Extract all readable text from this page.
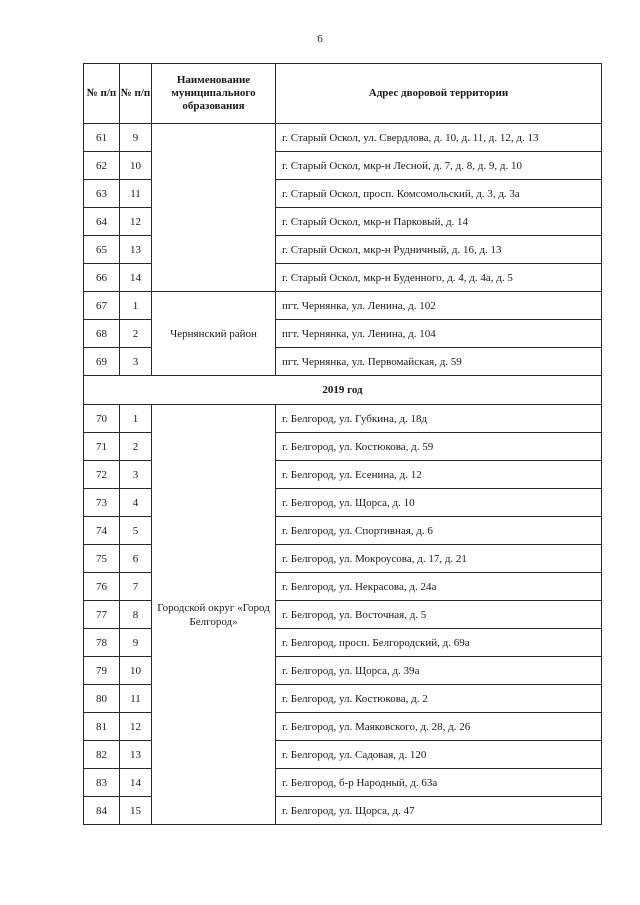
6
№ п/п	№ п/п	Наименование муниципального образования	Адрес дворовой территории
61	9		г. Старый Оскол, ул. Свердлова, д. 10, д. 11, д. 12, д. 13
62	10		г. Старый Оскол, мкр-н Лесной, д. 7, д. 8, д. 9, д. 10
63	11		г. Старый Оскол, просп. Комсомольский, д. 3, д. 3а
64	12		г. Старый Оскол, мкр-н Парковый, д. 14
65	13		г. Старый Оскол, мкр-н Рудничный, д. 16, д. 13
66	14		г. Старый Оскол, мкр-н Буденного, д. 4, д. 4а, д. 5
67	1	Чернянский район	пгт. Чернянка, ул. Ленина, д. 102
68	2		пгт. Чернянка, ул. Ленина, д. 104
69	3		пгт. Чернянка, ул. Первомайская, д. 59
2019 год			
70	1	Городской округ «Город Белгород»	г. Белгород, ул. Губкина, д. 18д
71	2		г. Белгород, ул. Костюкова, д. 59
72	3		г. Белгород, ул. Есенина, д. 12
73	4		г. Белгород, ул. Щорса, д. 10
74	5		г. Белгород, ул. Спортивная, д. 6
75	6		г. Белгород, ул. Мокроусова, д. 17, д. 21
76	7		г. Белгород, ул. Некрасова, д. 24а
77	8		г. Белгород, ул. Восточная, д. 5
78	9		г. Белгород, просп. Белгородский, д. 69а
79	10		г. Белгород, ул. Щорса, д. 39а
80	11		г. Белгород, ул. Костюкова, д. 2
81	12		г. Белгород, ул. Маяковского, д. 28, д. 26
82	13		г. Белгород, ул. Садовая, д. 120
83	14		г. Белгород, б-р Народный, д. 63а
84	15		г. Белгород, ул. Щорса, д. 47
